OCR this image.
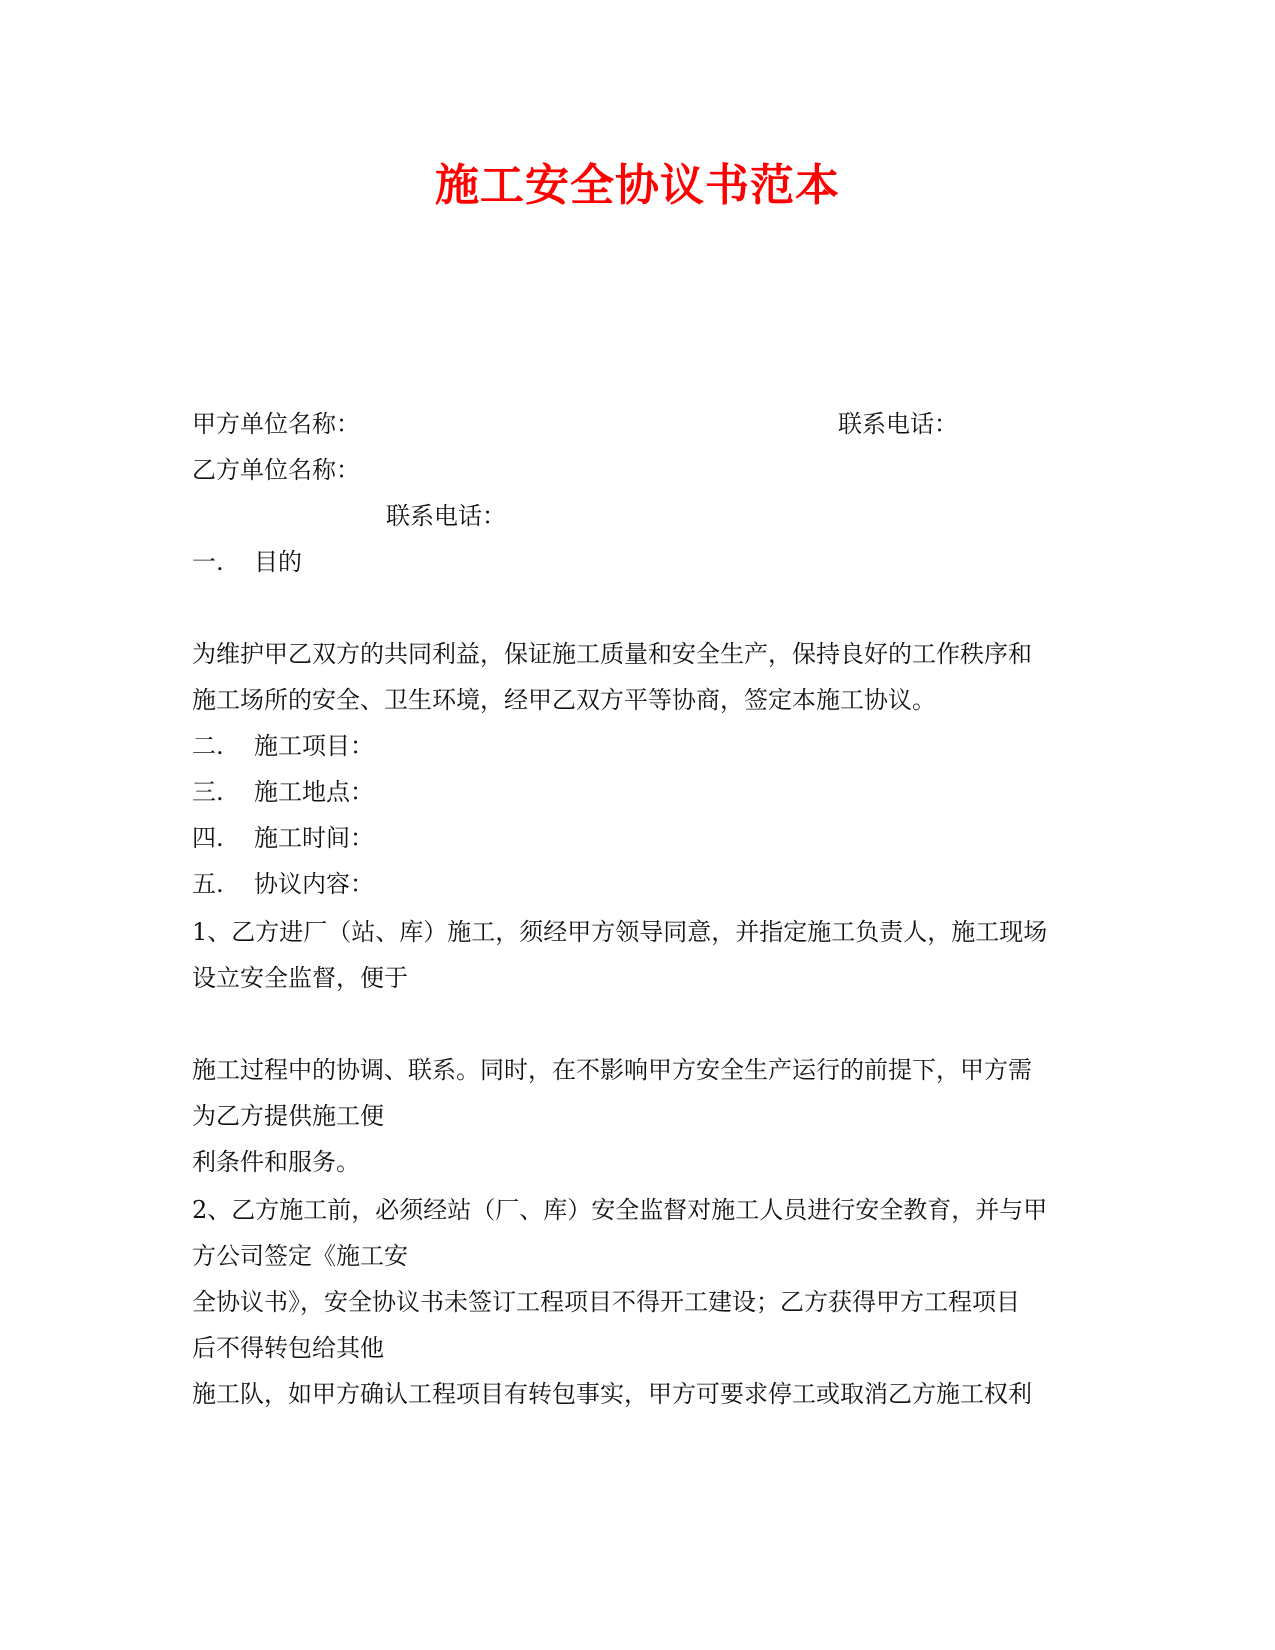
施工安全协议书范本
甲方单位名称：	联系电话：
乙方单位名称：
联系电话：
一. 目的
为维护甲乙双方的共同利益，保证施工质量和安全生产，保持良好的工作秩序和
施工场所的安全、卫生环境，经甲乙双方平等协商，签定本施工协议。
二. 施工项目：
三. 施工地点：
四. 施工时间：
五. 协议内容：
1、乙方进厂（站、库）施工，须经甲方领导同意，并指定施工负责人，施工现场
设立安全监督，便于
施工过程中的协调、联系。同时，在不影响甲方安全生产运行的前提下，甲方需
为乙方提供施工便
利条件和服务。
2、乙方施工前，必须经站（厂、库）安全监督对施工人员进行安全教育，并与甲
方公司签定《施工安
全协议书》，安全协议书未签订工程项目不得开工建设；乙方获得甲方工程项目
后不得转包给其他
施工队，如甲方确认工程项目有转包事实，甲方可要求停工或取消乙方施工权利
